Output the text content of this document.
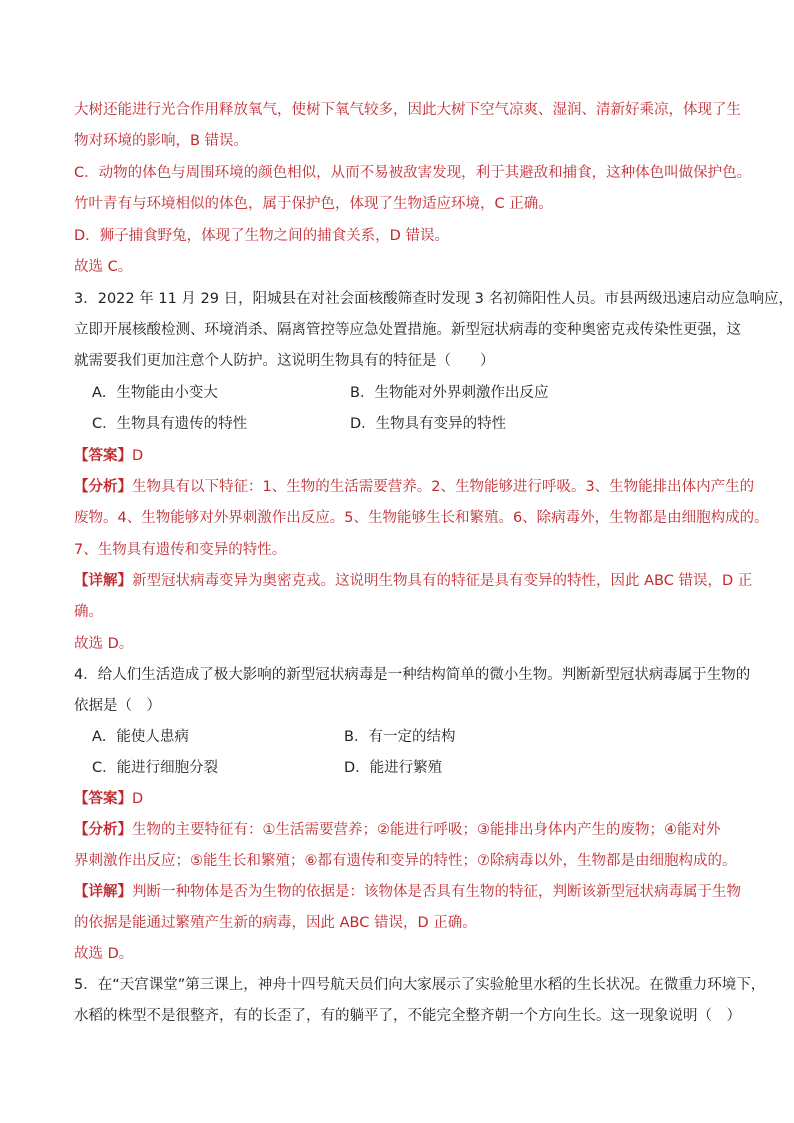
大树还能进行光合作用释放氧气，使树下氧气较多，因此大树下空气凉爽、湿润、清新好乘凉，体现了生

物对环境的影响，B 错误。

C．动物的体色与周围环境的颜色相似，从而不易被敌害发现，利于其避敌和捕食，这种体色叫做保护色。

竹叶青有与环境相似的体色，属于保护色，体现了生物适应环境，C 正确。

D．狮子捕食野兔，体现了生物之间的捕食关系，D 错误。

故选 C。

3．2022 年 11 月 29 日，阳城县在对社会面核酸筛查时发现 3 名初筛阳性人员。市县两级迅速启动应急响应，

立即开展核酸检测、环境消杀、隔离管控等应急处置措施。新型冠状病毒的变种奥密克戎传染性更强，这

就需要我们更加注意个人防护。这说明生物具有的特征是（　　）

A．生物能由小变大	B．生物能对外界刺激作出反应

C．生物具有遗传的特性	D．生物具有变异的特性

【答案】D

【分析】生物具有以下特征：1、生物的生活需要营养。2、生物能够进行呼吸。3、生物能排出体内产生的

废物。4、生物能够对外界刺激作出反应。5、生物能够生长和繁殖。6、除病毒外，生物都是由细胞构成的。

7、生物具有遗传和变异的特性。

【详解】新型冠状病毒变异为奥密克戎。这说明生物具有的特征是具有变异的特性，因此 ABC 错误，D 正

确。

故选 D。

4．给人们生活造成了极大影响的新型冠状病毒是一种结构简单的微小生物。判断新型冠状病毒属于生物的

依据是（　）

A．能使人患病	B．有一定的结构

C．能进行细胞分裂	D．能进行繁殖

【答案】D

【分析】生物的主要特征有：①生活需要营养；②能进行呼吸；③能排出身体内产生的废物；④能对外

界刺激作出反应；⑤能生长和繁殖；⑥都有遗传和变异的特性；⑦除病毒以外，生物都是由细胞构成的。

【详解】判断一种物体是否为生物的依据是：该物体是否具有生物的特征，判断该新型冠状病毒属于生物

的依据是能通过繁殖产生新的病毒，因此 ABC 错误，D 正确。

故选 D。

5．在“天宫课堂”第三课上，神舟十四号航天员们向大家展示了实验舱里水稻的生长状况。在微重力环境下，

水稻的株型不是很整齐，有的长歪了，有的躺平了，不能完全整齐朝一个方向生长。这一现象说明（　）
